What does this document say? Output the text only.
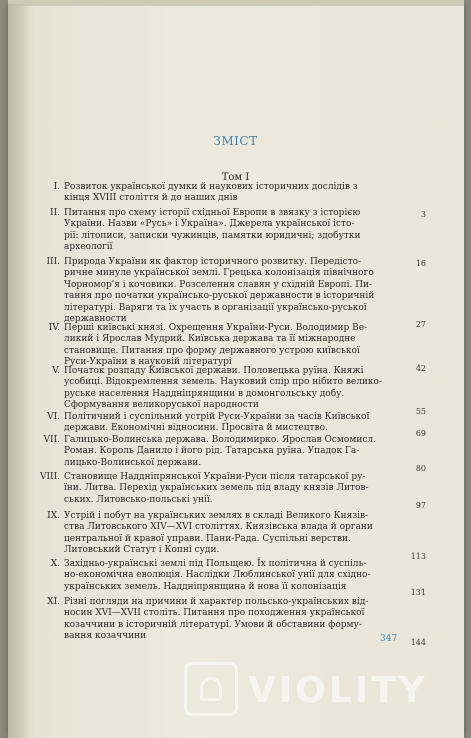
ЗМІСТ
Том I
I. Розвиток української думки й наукових історичних дослідів з
кінця XVIII століття й до наших днів
3
II. Питання про схему історії східньої Европи в звязку з історією
України. Назви «Русь» і Україна». Джерела української істо-
рії: літописи, записки чужинців, памятки юридичні; здобутки
археології
16
III. Природа України як фактор історичного розвитку. Передісто-
ричне минуле української землі. Грецька колонізація північного
Чорномор'я і кочовики. Розселення славян у східній Европі. Пи-
тання про початки українсько-руської державности в історичній
літературі. Варяги та їх участь в організації українсько-руської
державности
27
IV. Перші київські князі. Охрещення України-Руси. Володимир Ве-
ликий і Ярослав Мудрий. Київська держава та її міжнародне
становище. Питання про форму державного устрою київської
Руси-України в науковій літературі
42
V. Початок розпаду Київської держави. Половецька руїна. Княжі
усобиці. Відокремлення земель. Науковий спір про нібито велико-
руське населення Наддніпрянщини в домонгольську добу.
Сформування великоруської народности
55
VI. Політичний і суспільний устрій Руси-України за часів Київської
держави. Економічні відносини. Просвіта й мистецтво.
69
VII. Галицько-Волинська держава. Володимирко. Ярослав Осмомисл.
Роман. Король Данило і його рід. Татарська руїна. Упадок Га-
лицько-Волинської держави.
80
VIII. Становище Наддніпрянської України-Руси після татарської ру-
їни. Литва. Перехід українських земель під владу князів Литов-
ських. Литовсько-польські унії.
97
IX. Устрій і побут на українських землях в складі Великого Князів-
ства Литовського XIV—XVI століттях. Князівська влада й органи
центральної й кравої управи. Пани-Рада. Суспільні верстви.
Литовський Статут і Копні суди.
113
X. Західньо-українські землі під Польщею. Їх політична й суспіль-
но-економічна еволюція. Наслідки Люблинської унії для східно-
українських земель. Наддніпрянщина й нова її колонізація
131
XI. Різні погляди на причини й характер польсько-українських від-
носин XVI—XVII століть. Питання про походження української
козаччини в історичній літературі. Умови й обставини форму-
вання козаччини
144
347
VIOLITY
